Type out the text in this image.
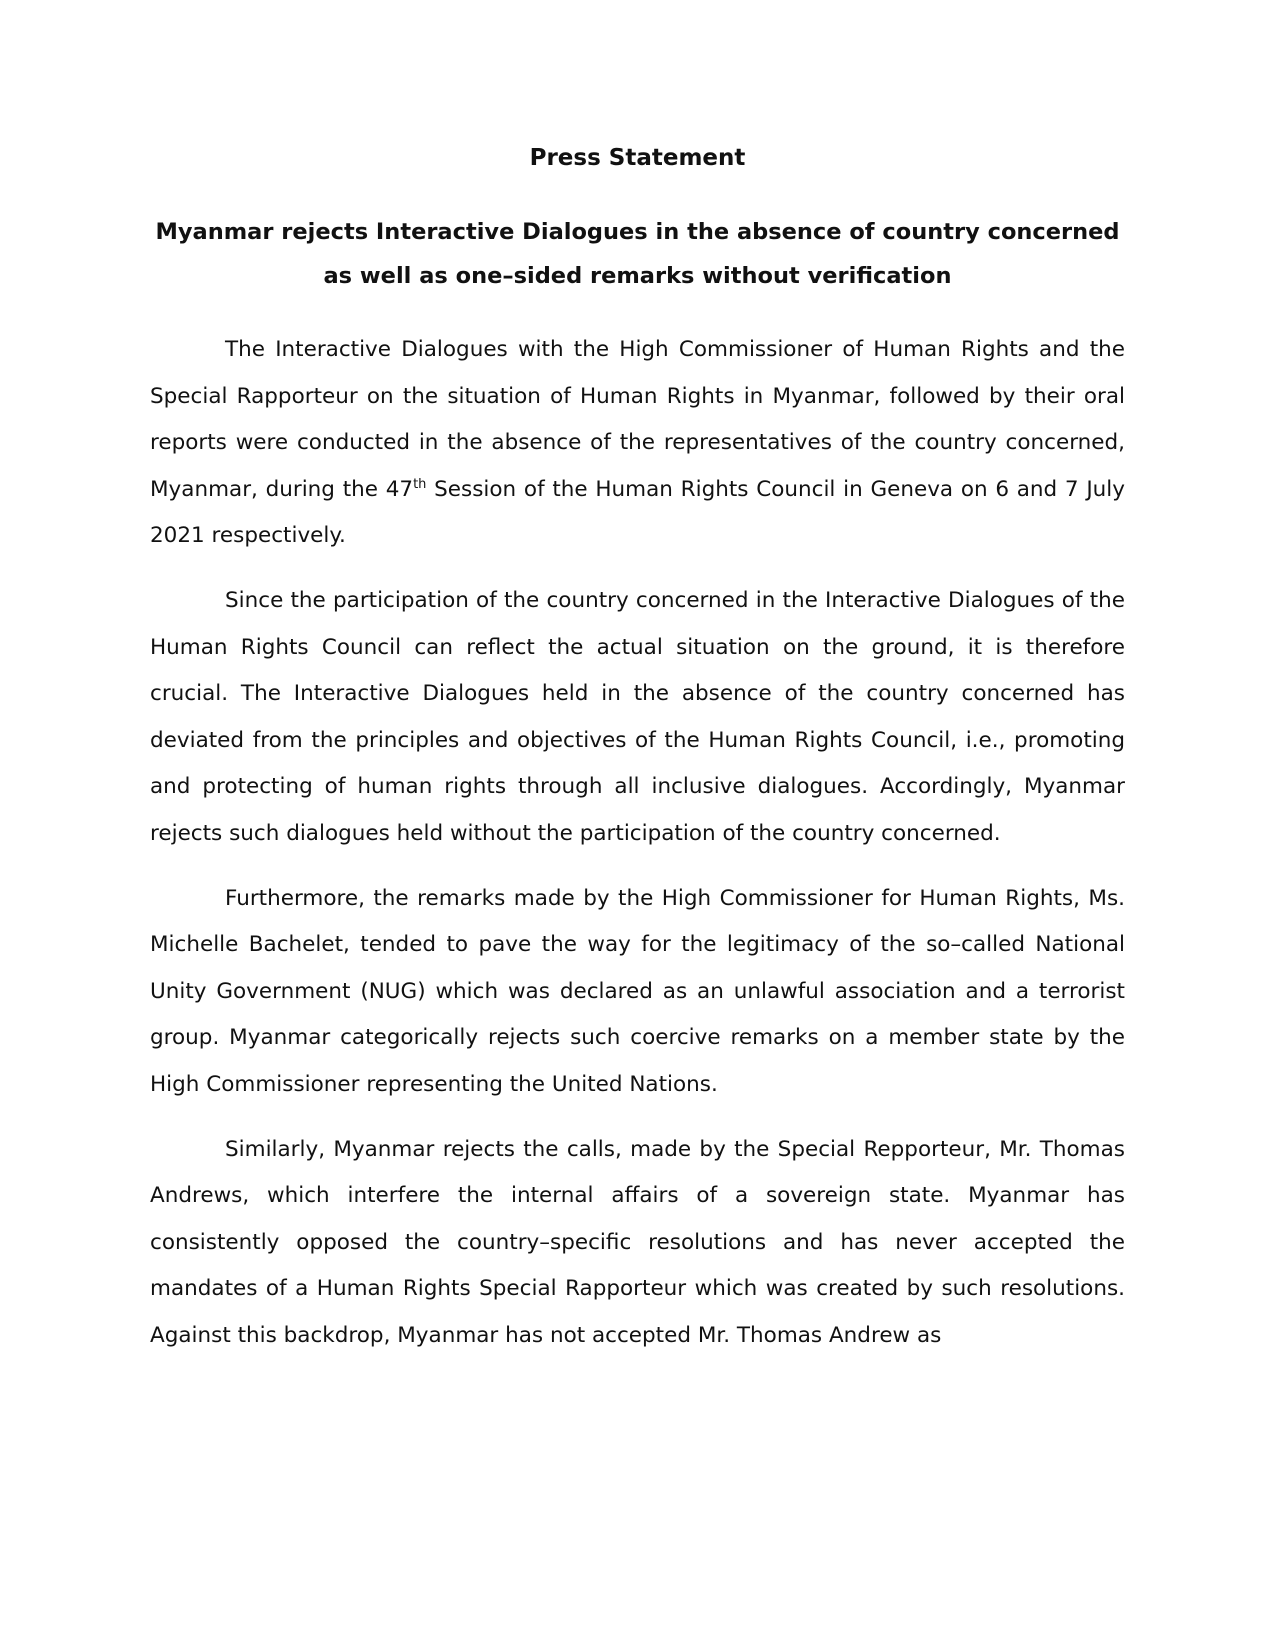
Press Statement
Myanmar rejects Interactive Dialogues in the absence of country concerned as well as one–sided remarks without verification

The Interactive Dialogues with the High Commissioner of Human Rights and the Special Rapporteur on the situation of Human Rights in Myanmar, followed by their oral reports were conducted in the absence of the representatives of the country concerned, Myanmar, during the 47th Session of the Human Rights Council in Geneva on 6 and 7 July 2021 respectively.

Since the participation of the country concerned in the Interactive Dialogues of the Human Rights Council can reflect the actual situation on the ground, it is therefore crucial. The Interactive Dialogues held in the absence of the country concerned has deviated from the principles and objectives of the Human Rights Council, i.e., promoting and protecting of human rights through all inclusive dialogues. Accordingly, Myanmar rejects such dialogues held without the participation of the country concerned.

Furthermore, the remarks made by the High Commissioner for Human Rights, Ms. Michelle Bachelet, tended to pave the way for the legitimacy of the so–called National Unity Government (NUG) which was declared as an unlawful association and a terrorist group. Myanmar categorically rejects such coercive remarks on a member state by the High Commissioner representing the United Nations.

Similarly, Myanmar rejects the calls, made by the Special Repporteur, Mr. Thomas Andrews, which interfere the internal affairs of a sovereign state. Myanmar has consistently opposed the country–specific resolutions and has never accepted the mandates of a Human Rights Special Rapporteur which was created by such resolutions. Against this backdrop, Myanmar has not accepted Mr. Thomas Andrew as
